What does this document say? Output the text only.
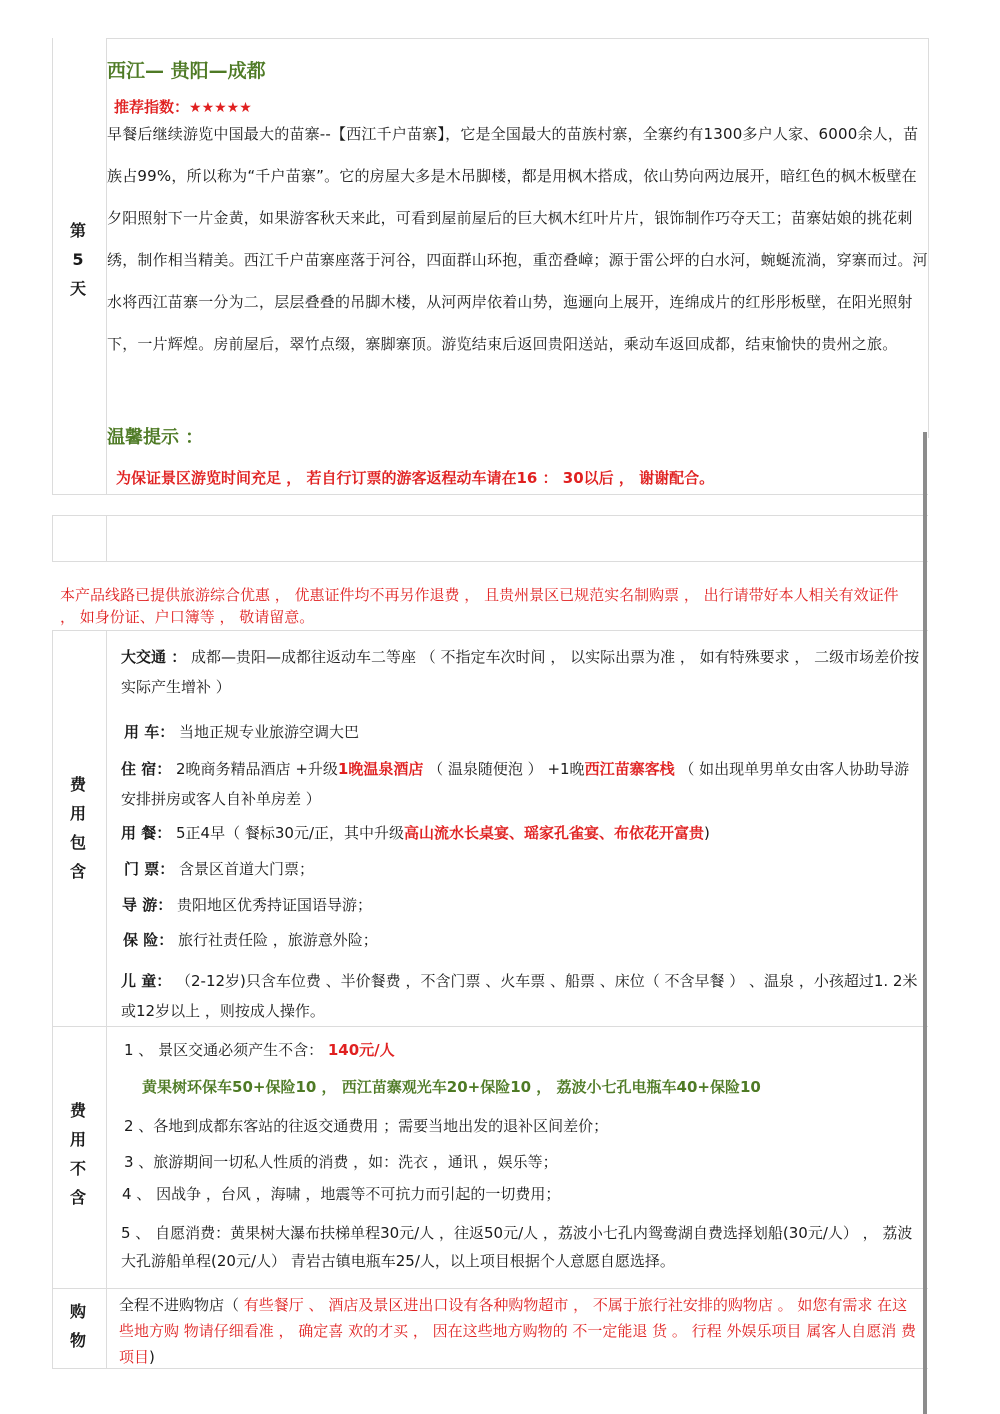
第
5
天
西江— 贵阳—成都
推荐指数：★★★★★
早餐后继续游览中国最大的苗寨--【西江千户苗寨】，它是全国最大的苗族村寨，全寨约有1300多户人家、6000余人，苗族占99%，所以称为“千户苗寨”。它的房屋大多是木吊脚楼，都是用枫木搭成，依山势向两边展开，暗红色的枫木板壁在夕阳照射下一片金黄，如果游客秋天来此，可看到屋前屋后的巨大枫木红叶片片，银饰制作巧夺天工；苗寨姑娘的挑花刺绣，制作相当精美。西江千户苗寨座落于河谷，四面群山环抱，重峦叠嶂；源于雷公坪的白水河，蜿蜒流淌，穿寨而过。河水将西江苗寨一分为二，层层叠叠的吊脚木楼，从河两岸依着山势，迤逦向上展开，连绵成片的红彤彤板壁，在阳光照射下，一片辉煌。房前屋后，翠竹点缀，寨脚寨顶。游览结束后返回贵阳送站，乘动车返回成都，结束愉快的贵州之旅。
温馨提示 ：
为保证景区游览时间充足 ， 若自行订票的游客返程动车请在16 ： 30以后 ， 谢谢配合。
本产品线路已提供旅游综合优惠 ， 优惠证件均不再另作退费 ， 且贵州景区已规范实名制购票 ， 出行请带好本人相关有效证件 ， 如身份证、户口簿等 ， 敬请留意。
费
用
包
含
大交通 ： 成都—贵阳—成都往返动车二等座 （ 不指定车次时间 ， 以实际出票为准 ， 如有特殊要求 ， 二级市场差价按实际产生增补 ）
用 车： 当地正规专业旅游空调大巴
住 宿： 2晚商务精品酒店 +升级1晚温泉酒店 （ 温泉随便泡 ） +1晚西江苗寨客栈 （ 如出现单男单女由客人协助导游安排拼房或客人自补单房差 ）
用 餐： 5正4早（ 餐标30元/正，其中升级高山流水长桌宴、瑶家孔雀宴、布依花开富贵)
门 票： 含景区首道大门票；
导 游： 贵阳地区优秀持证国语导游；
保 险： 旅行社责任险 ，旅游意外险；
儿 童： （2-12岁)只含车位费 、半价餐费 ，不含门票 、火车票 、船票 、床位（ 不含早餐 ） 、温泉 ，小孩超过1. 2米或12岁以上 ，则按成人操作。
费
用
不
含
1 、 景区交通必须产生不含： 140元/人
黄果树环保车50+保险10 ， 西江苗寨观光车20+保险10 ， 荔波小七孔电瓶车40+保险10
2 、各地到成都东客站的往返交通费用 ；需要当地出发的退补区间差价；
3 、旅游期间一切私人性质的消费 ，如：洗衣 ，通讯 ，娱乐等；
4 、 因战争 ，台风 ，海啸 ，地震等不可抗力而引起的一切费用；
5 、 自愿消费：黄果树大瀑布扶梯单程30元/人 ，往返50元/人 ，荔波小七孔内鸳鸯湖自费选择划船(30元/人） ， 荔波大孔游船单程(20元/人） 青岩古镇电瓶车25/人，以上项目根据个人意愿自愿选择。
购
物
全程不进购物店（ 有些餐厅 、 酒店及景区进出口设有各种购物超市 ， 不属于旅行社安排的购物店 。 如您有需求 在这些地方购 物请仔细看准 ， 确定喜 欢的才买 ， 因在这些地方购物的 不一定能退 货 。 行程 外娱乐项目 属客人自愿消 费项目)
